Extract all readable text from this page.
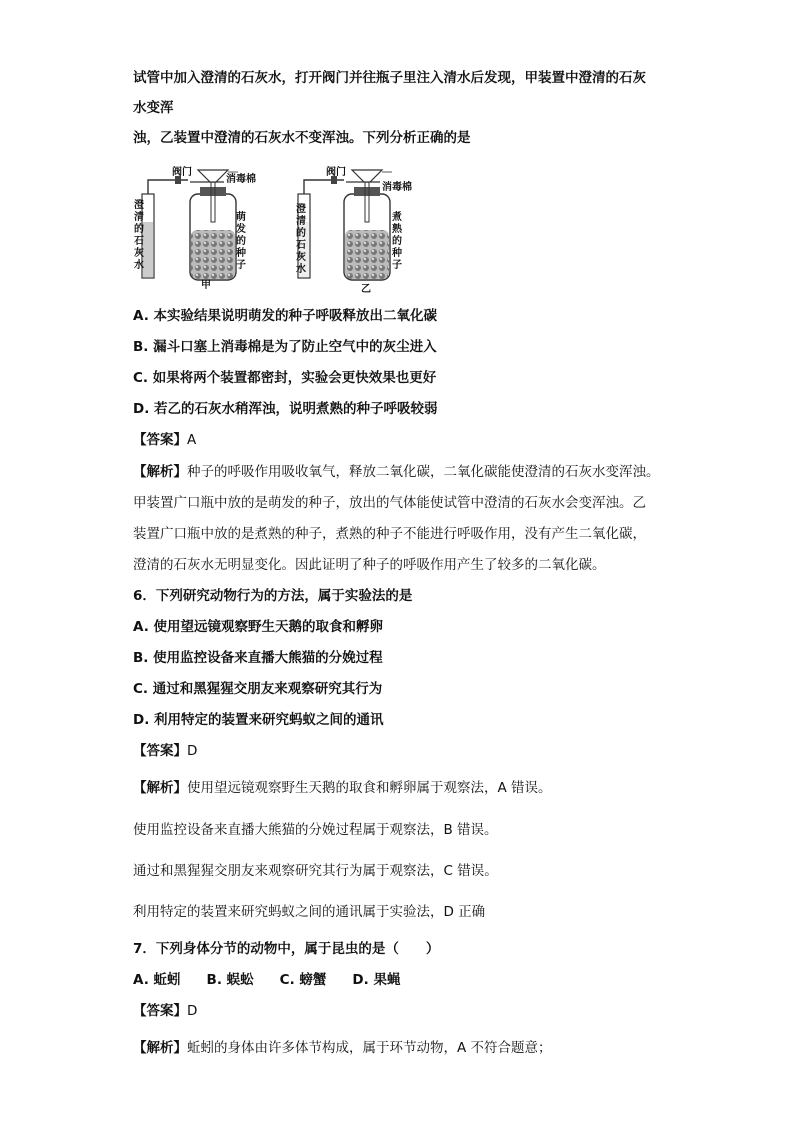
试管中加入澄清的石灰水，打开阀门并往瓶子里注入清水后发现，甲装置中澄清的石灰
水变浑
浊，乙装置中澄清的石灰水不变浑浊。下列分析正确的是
阀门
消毒棉
澄清的石灰水
萌发的种子
甲
阀门
消毒棉
澄清的石灰水
煮熟的种子
乙
A. 本实验结果说明萌发的种子呼吸释放出二氧化碳
B. 漏斗口塞上消毒棉是为了防止空气中的灰尘进入
C. 如果将两个装置都密封，实验会更快效果也更好
D. 若乙的石灰水稍浑浊，说明煮熟的种子呼吸较弱
【答案】A
【解析】种子的呼吸作用吸收氧气，释放二氧化碳，二氧化碳能使澄清的石灰水变浑浊。
甲装置广口瓶中放的是萌发的种子，放出的气体能使试管中澄清的石灰水会变浑浊。乙
装置广口瓶中放的是煮熟的种子，煮熟的种子不能进行呼吸作用，没有产生二氧化碳，
澄清的石灰水无明显变化。因此证明了种子的呼吸作用产生了较多的二氧化碳。
6．下列研究动物行为的方法，属于实验法的是
A. 使用望远镜观察野生天鹅的取食和孵卵
B. 使用监控设备来直播大熊猫的分娩过程
C. 通过和黑猩猩交朋友来观察研究其行为
D. 利用特定的装置来研究蚂蚁之间的通讯
【答案】D
【解析】使用望远镜观察野生天鹅的取食和孵卵属于观察法，A 错误。
使用监控设备来直播大熊猫的分娩过程属于观察法，B 错误。
通过和黑猩猩交朋友来观察研究其行为属于观察法，C 错误。
利用特定的装置来研究蚂蚁之间的通讯属于实验法，D 正确
7．下列身体分节的动物中，属于昆虫的是（　　）
A. 蚯蚓 B. 蜈蚣 C. 螃蟹 D. 果蝇
【答案】D
【解析】蚯蚓的身体由许多体节构成，属于环节动物，A 不符合题意；
